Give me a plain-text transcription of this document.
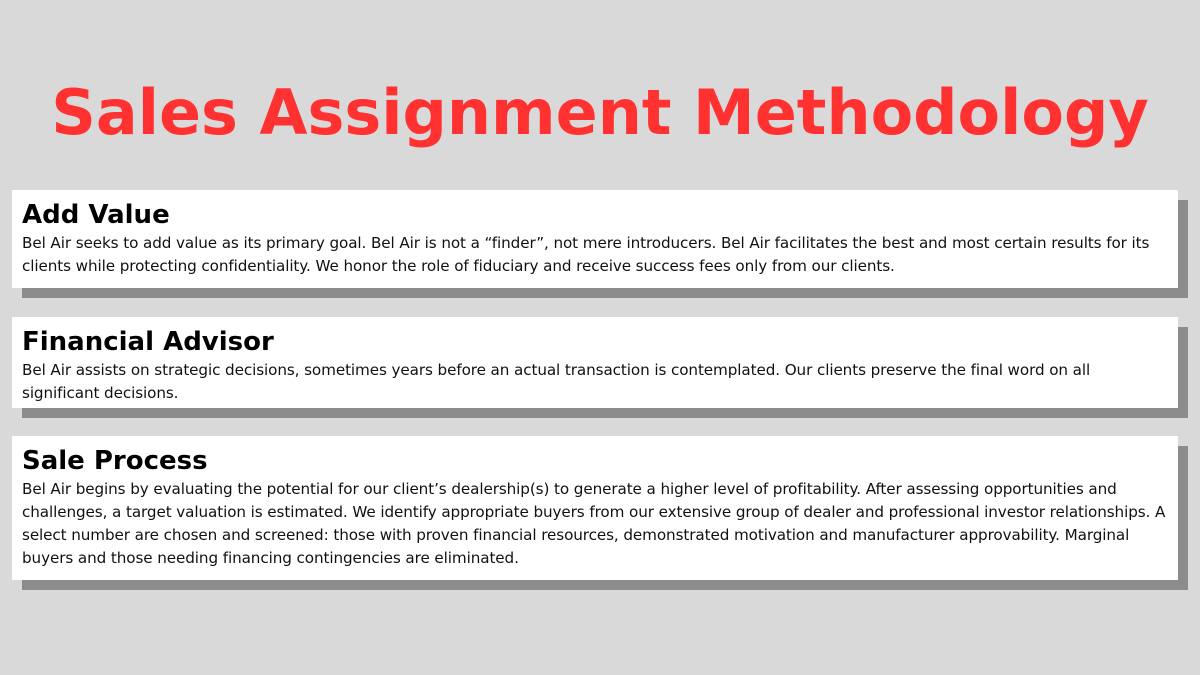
Sales Assignment Methodology
Add Value

Bel Air seeks to add value as its primary goal. Bel Air is not a “finder”, not mere introducers. Bel Air facilitates the best and most certain results for its clients while protecting confidentiality. We honor the role of fiduciary and receive success fees only from our clients.

Financial Advisor

Bel Air assists on strategic decisions, sometimes years before an actual transaction is contemplated. Our clients preserve the final word on all significant decisions.

Sale Process

Bel Air begins by evaluating the potential for our client’s dealership(s) to generate a higher level of profitability. After assessing opportunities and challenges, a target valuation is estimated. We identify appropriate buyers from our extensive group of dealer and professional investor relationships. A select number are chosen and screened: those with proven financial resources, demonstrated motivation and manufacturer approvability. Marginal buyers and those needing financing contingencies are eliminated.
